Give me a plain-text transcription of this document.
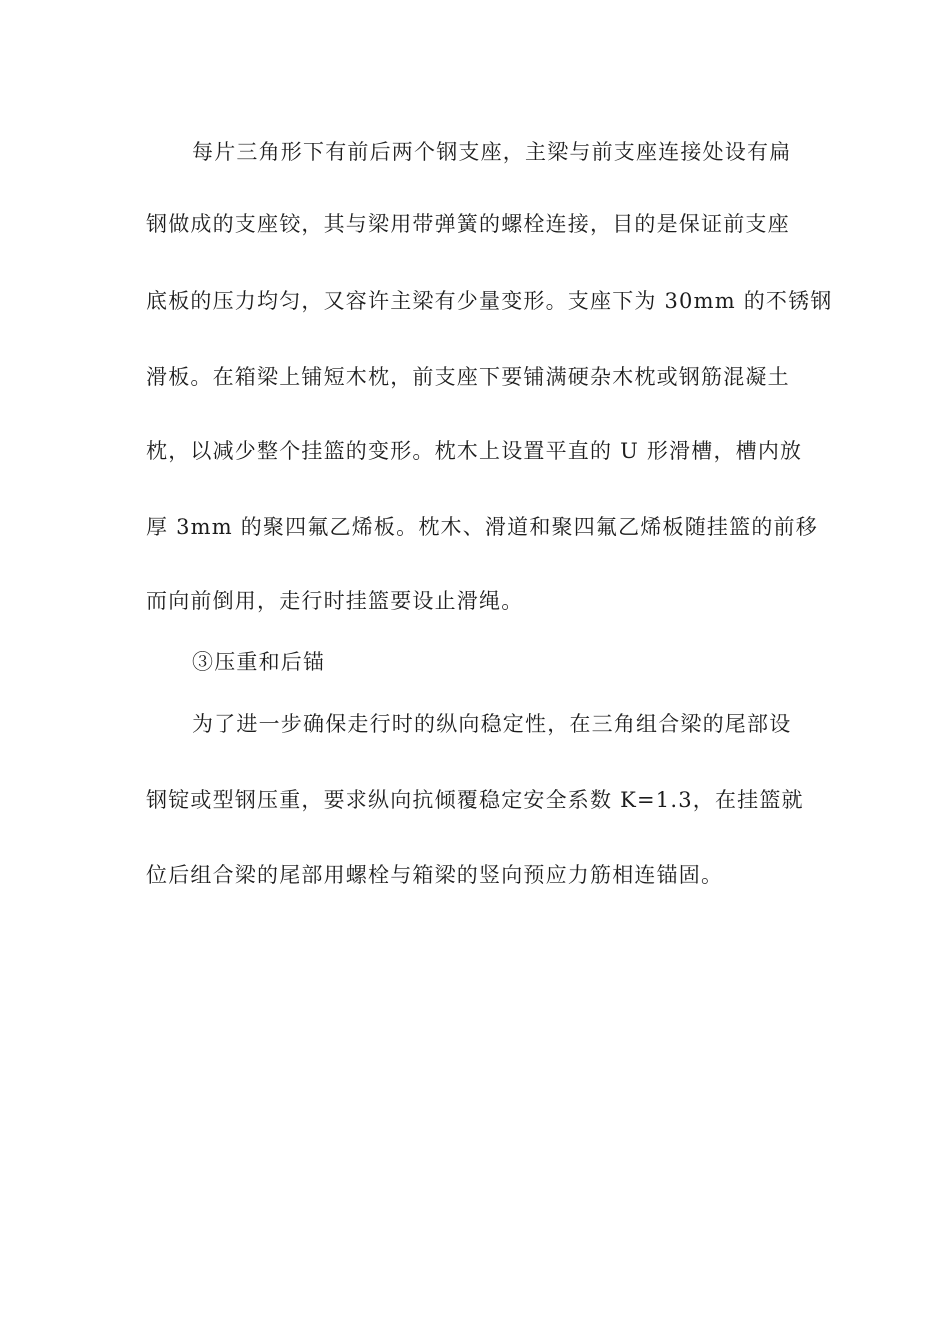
每片三角形下有前后两个钢支座，主梁与前支座连接处设有扁
钢做成的支座铰，其与梁用带弹簧的螺栓连接，目的是保证前支座
底板的压力均匀，又容许主梁有少量变形。支座下为 30mm 的不锈钢
滑板。在箱梁上铺短木枕，前支座下要铺满硬杂木枕或钢筋混凝土
枕，以减少整个挂篮的变形。枕木上设置平直的 U 形滑槽，槽内放
厚 3mm 的聚四氟乙烯板。枕木、滑道和聚四氟乙烯板随挂篮的前移
而向前倒用，走行时挂篮要设止滑绳。
③压重和后锚
为了进一步确保走行时的纵向稳定性，在三角组合梁的尾部设
钢锭或型钢压重，要求纵向抗倾覆稳定安全系数 K=1.3，在挂篮就
位后组合梁的尾部用螺栓与箱梁的竖向预应力筋相连锚固。
